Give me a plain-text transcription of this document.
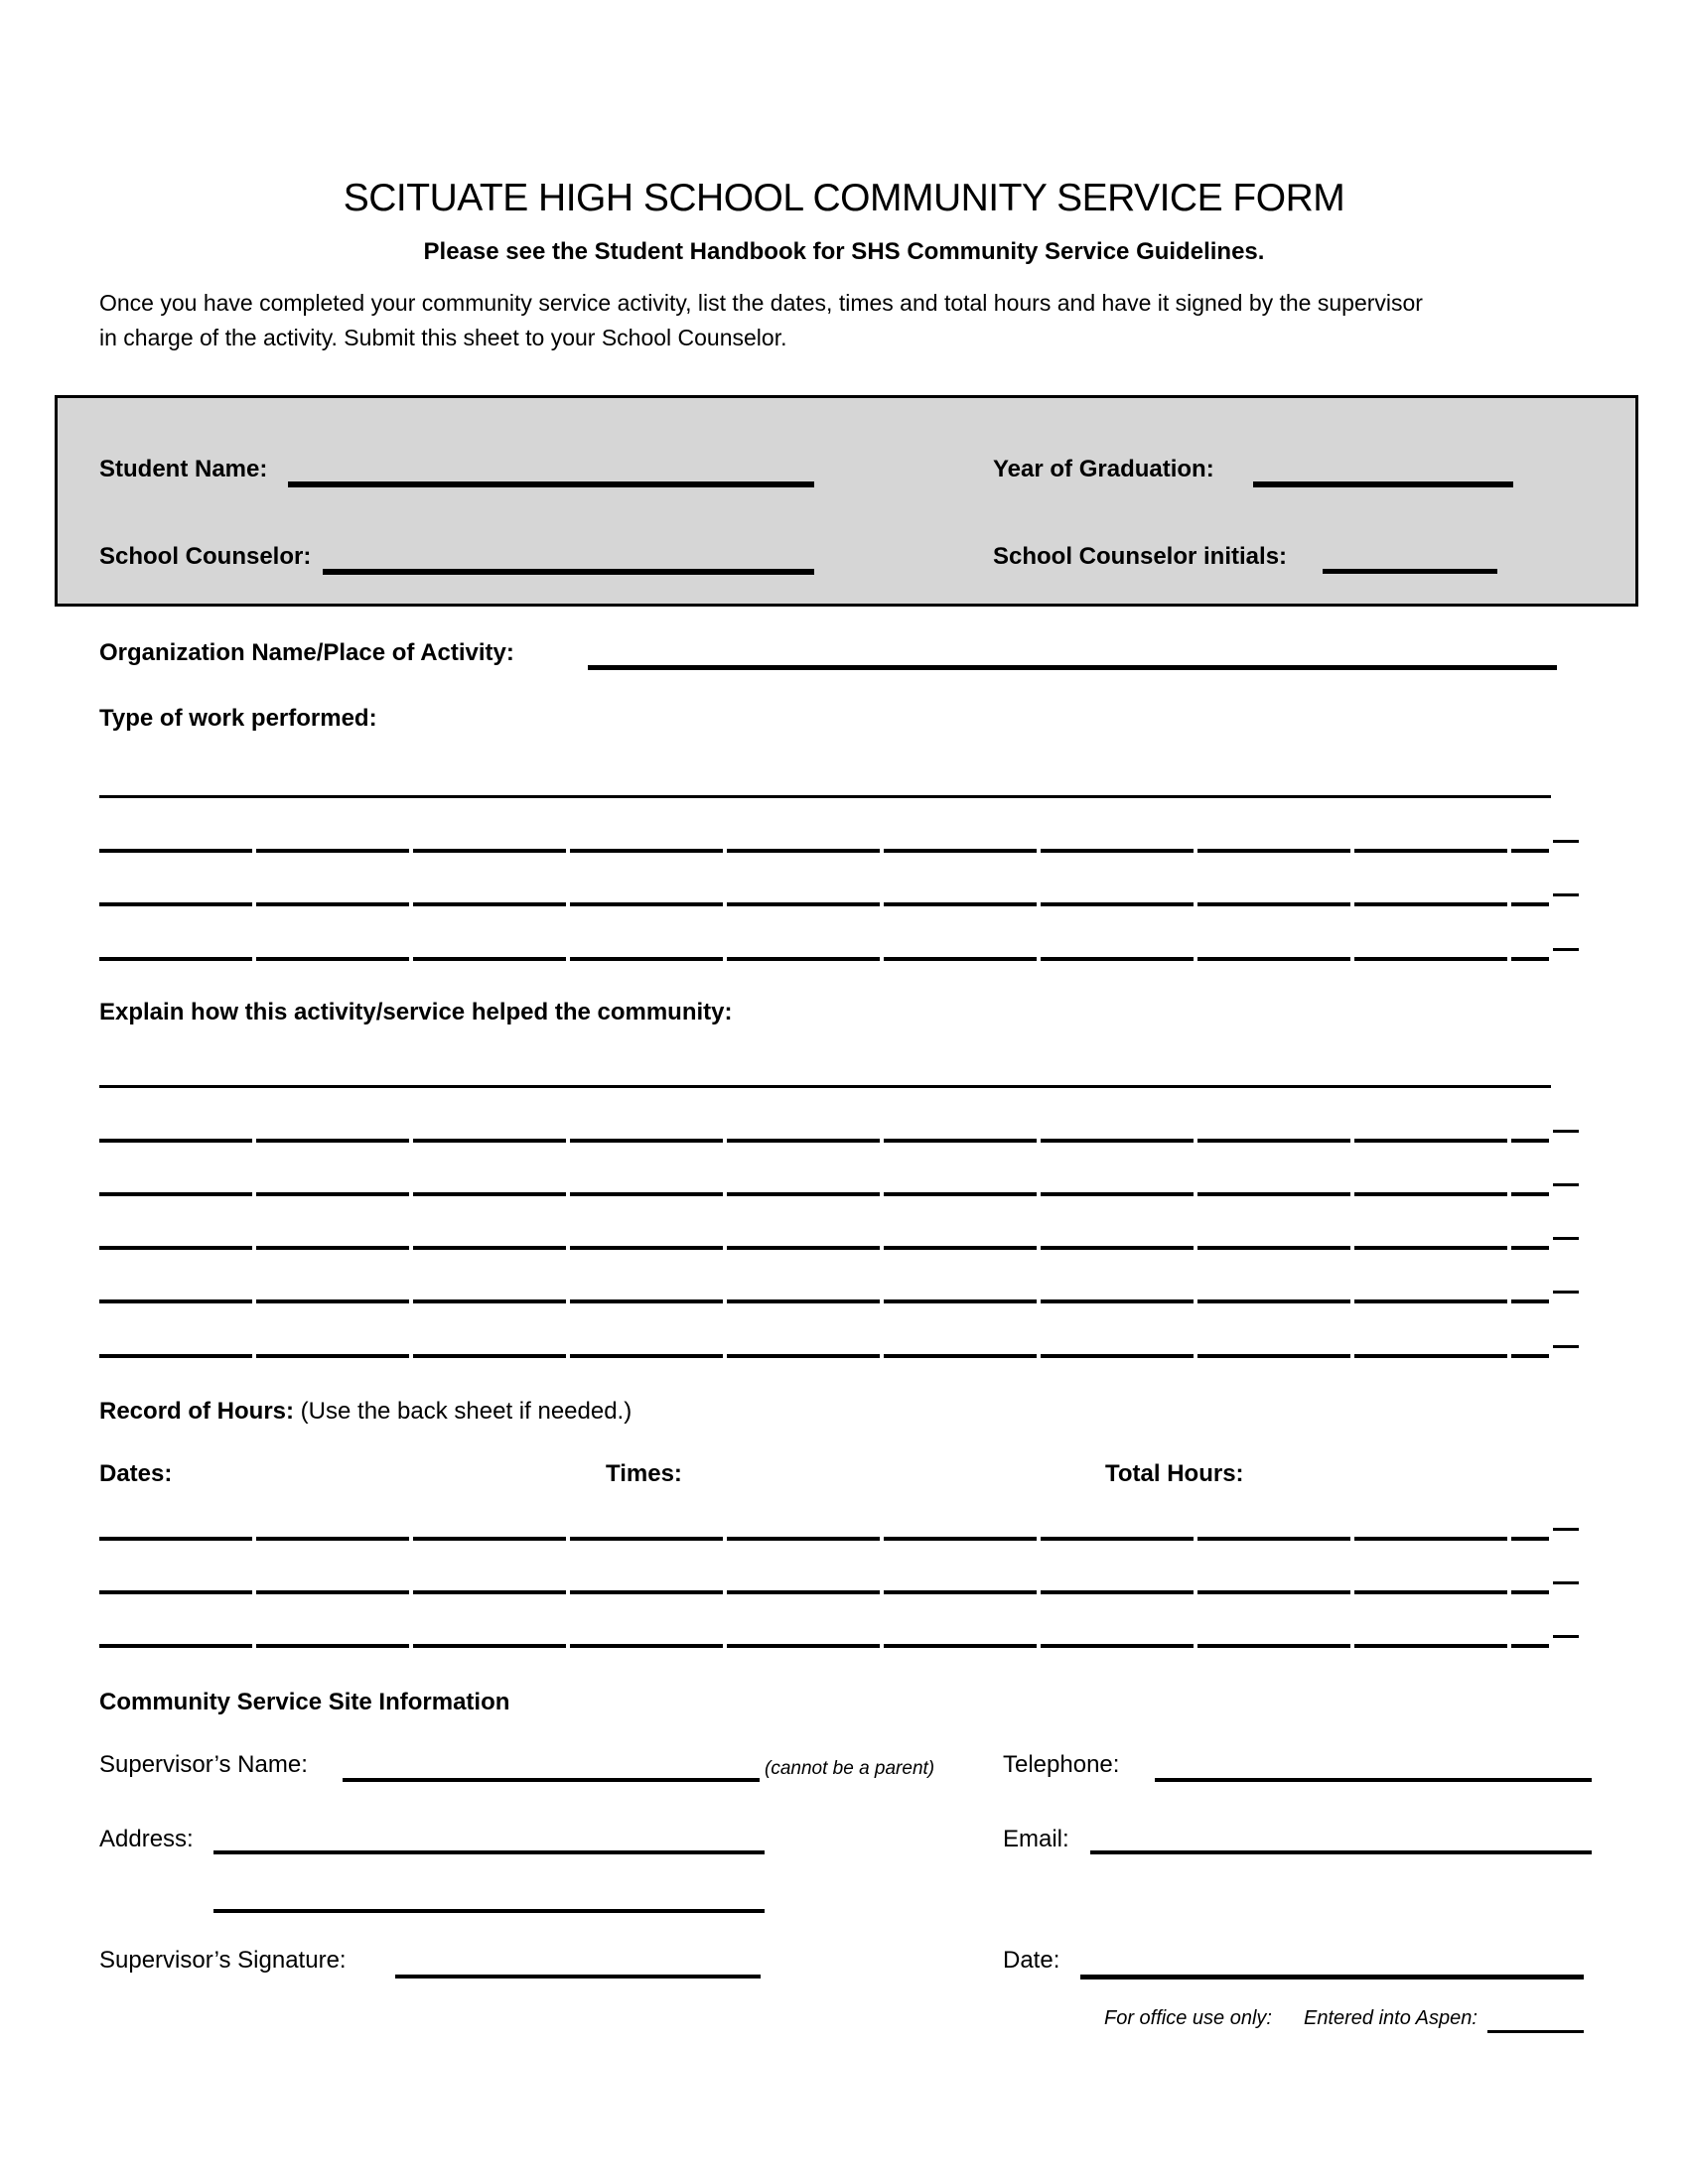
SCITUATE HIGH SCHOOL COMMUNITY SERVICE FORM
Please see the Student Handbook for SHS Community Service Guidelines.
Once you have completed your community service activity, list the dates, times and total hours and have it signed by the supervisor
in charge of the activity. Submit this sheet to your School Counselor.
Student Name:	Year of Graduation:
School Counselor:	School Counselor initials:
Organization Name/Place of Activity:
Type of work performed:
Explain how this activity/service helped the community:
Record of Hours: (Use the back sheet if needed.)
Dates:	Times:	Total Hours:
Community Service Site Information
Supervisor’s Name:	(cannot be a parent)	Telephone:
Address:	Email:
Supervisor’s Signature:	Date:
For office use only: Entered into Aspen:
